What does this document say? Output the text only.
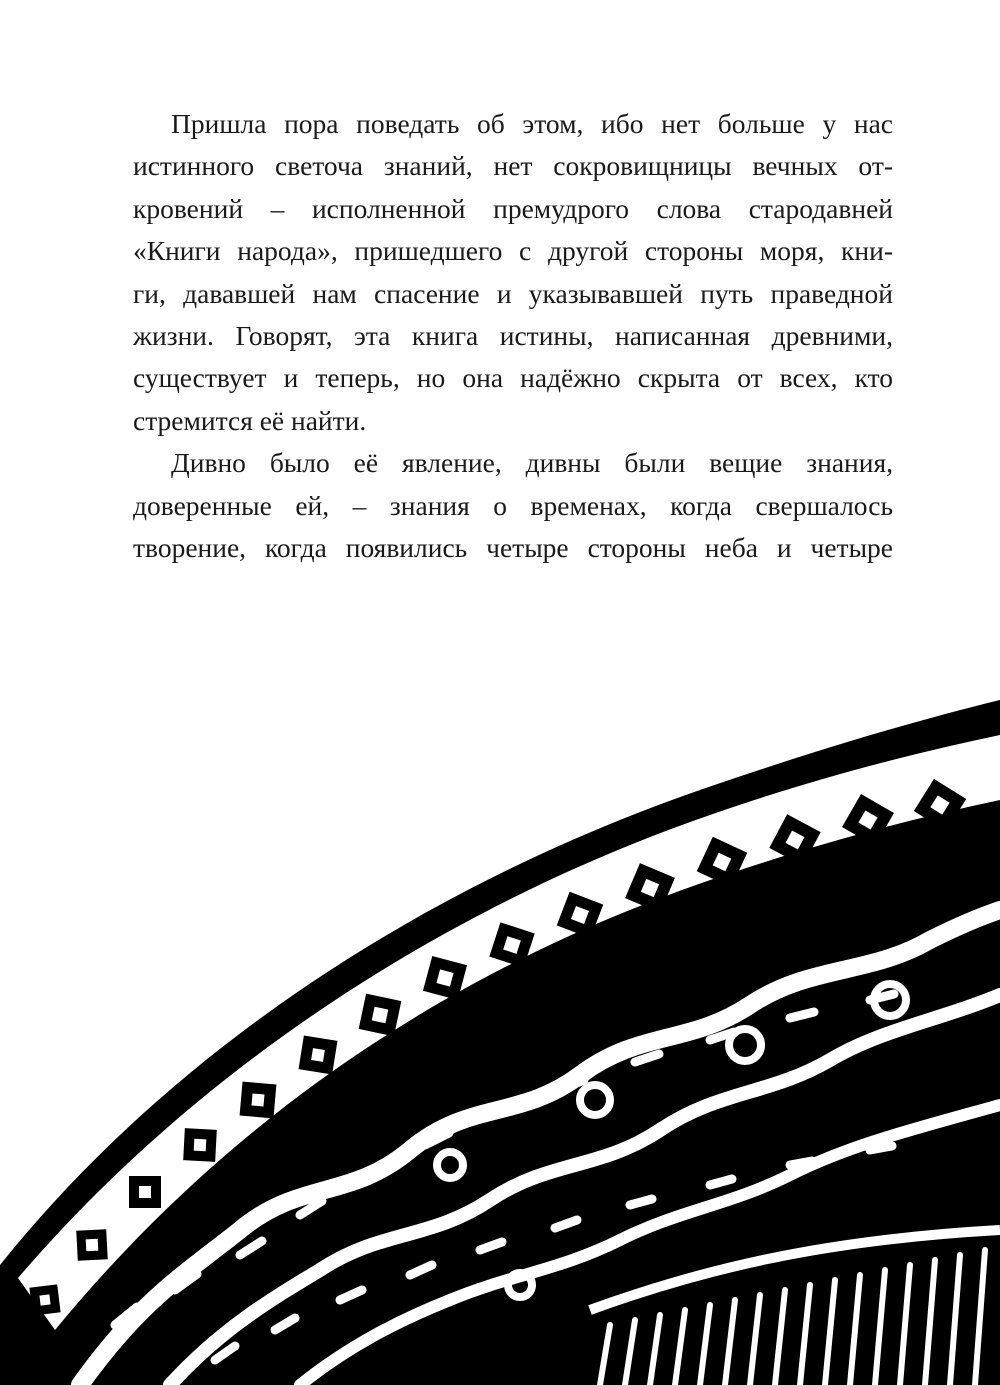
Пришла пора поведать об этом, ибо нет больше у нас
истинного светоча знаний, нет сокровищницы вечных от-
кровений – исполненной премудрого слова стародавней
«Книги народа», пришедшего с другой стороны моря, кни-
ги, дававшей нам спасение и указывавшей путь праведной
жизни. Говорят, эта книга истины, написанная древними,
существует и теперь, но она надёжно скрыта от всех, кто
стремится её найти.
Дивно было её явление, дивны были вещие знания,
доверенные ей, – знания о временах, когда свершалось
творение, когда появились четыре стороны неба и четыре
